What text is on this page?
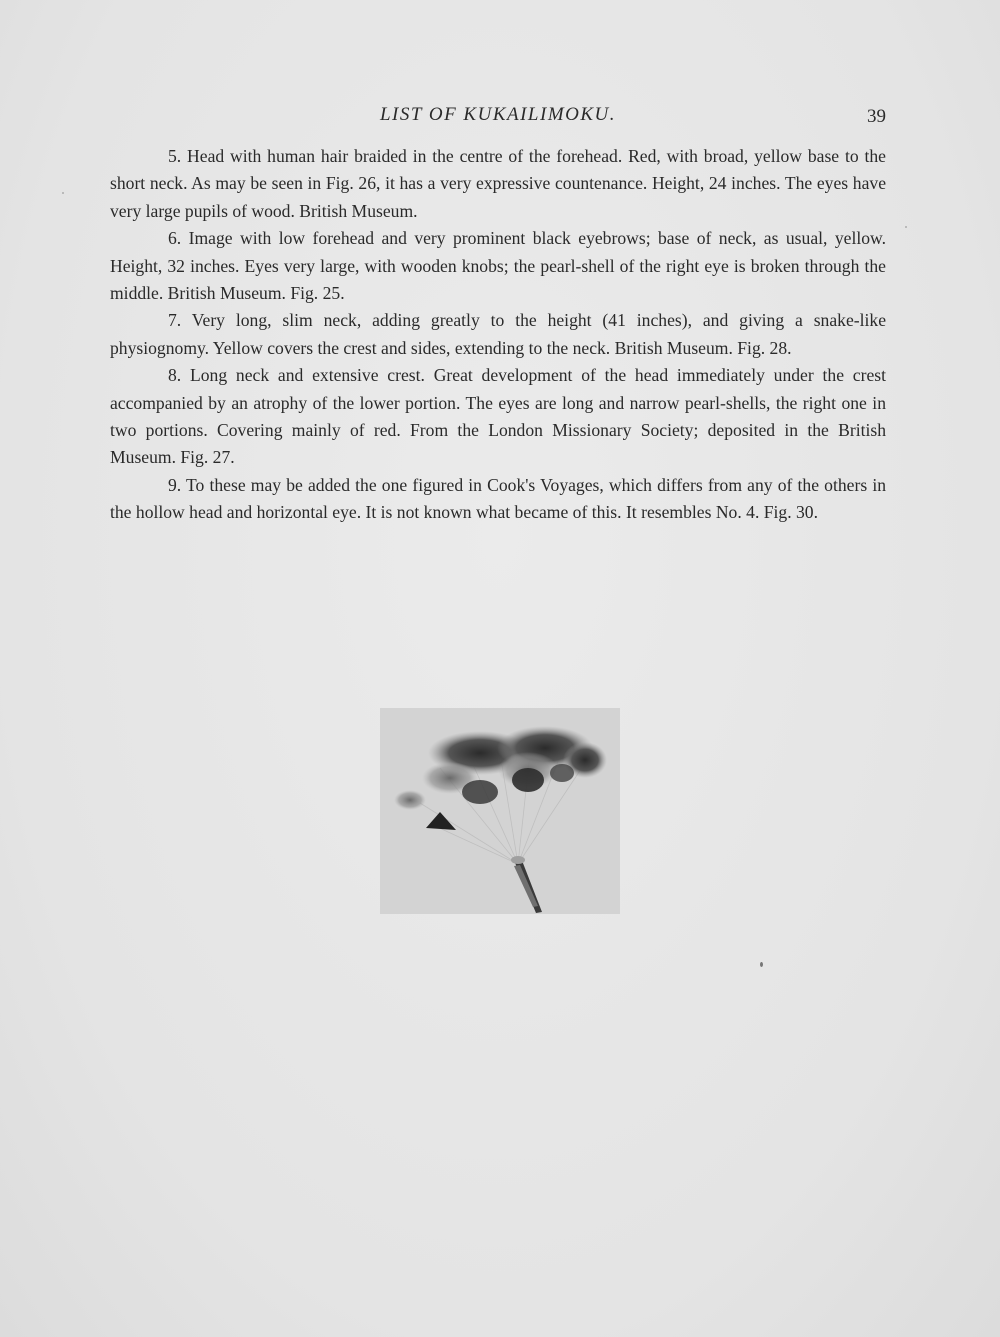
LIST OF KUKAILIMOKU.	39

5. Head with human hair braided in the centre of the forehead. Red, with broad, yellow base to the short neck. As may be seen in Fig. 26, it has a very expressive countenance. Height, 24 inches. The eyes have very large pupils of wood. British Museum.

6. Image with low forehead and very prominent black eyebrows; base of neck, as usual, yellow. Height, 32 inches. Eyes very large, with wooden knobs; the pearl-shell of the right eye is broken through the middle. British Museum. Fig. 25.

7. Very long, slim neck, adding greatly to the height (41 inches), and giving a snake-like physiognomy. Yellow covers the crest and sides, extending to the neck. British Museum. Fig. 28.

8. Long neck and extensive crest. Great development of the head immediately under the crest accompanied by an atrophy of the lower portion. The eyes are long and narrow pearl-shells, the right one in two portions. Covering mainly of red. From the London Missionary Society; deposited in the British Museum. Fig. 27.

9. To these may be added the one figured in Cook's Voyages, which differs from any of the others in the hollow head and horizontal eye. It is not known what became of this. It resembles No. 4. Fig. 30.
